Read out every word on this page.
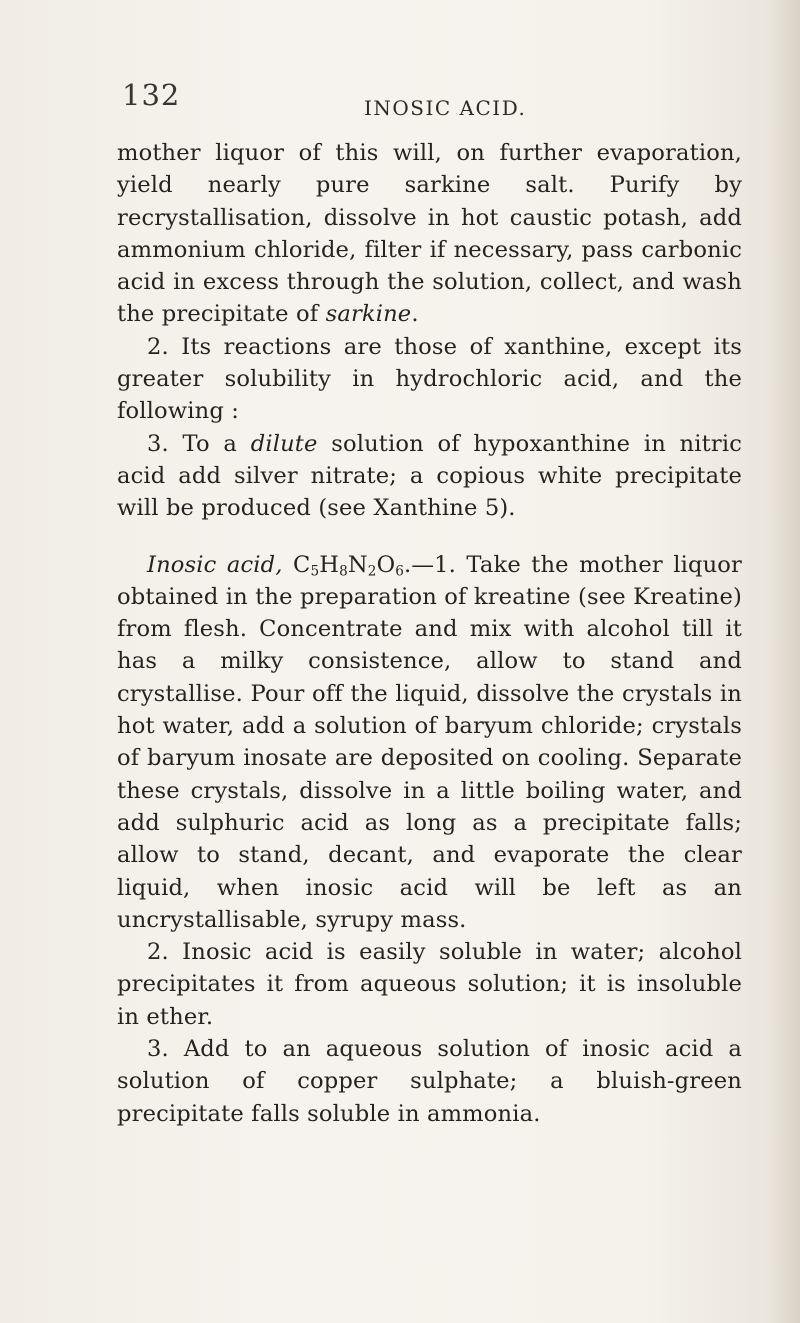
132	INOSIC ACID.

mother liquor of this will, on further evaporation, yield nearly pure sarkine salt. Purify by recrystallisation, dissolve in hot caustic potash, add ammonium chloride, filter if necessary, pass carbonic acid in excess through the solution, collect, and wash the precipitate of sarkine.

2. Its reactions are those of xanthine, except its greater solubility in hydrochloric acid, and the following :

3. To a dilute solution of hypoxanthine in nitric acid add silver nitrate; a copious white precipitate will be produced (see Xanthine 5).

Inosic acid, $C_5H_8N_2O_6.—1$. Take the mother liquor obtained in the preparation of kreatine (see Kreatine) from flesh. Concentrate and mix with alcohol till it has a milky consistence, allow to stand and crystallise. Pour off the liquid, dissolve the crystals in hot water, add a solution of baryum chloride; crystals of baryum inosate are deposited on cooling. Separate these crystals, dissolve in a little boiling water, and add sulphuric acid as long as a precipitate falls; allow to stand, decant, and evaporate the clear liquid, when inosic acid will be left as an uncrystallisable, syrupy mass.

2. Inosic acid is easily soluble in water; alcohol precipitates it from aqueous solution; it is insoluble in ether.

3. Add to an aqueous solution of inosic acid a solution of copper sulphate; a bluish-green precipitate falls soluble in ammonia.
